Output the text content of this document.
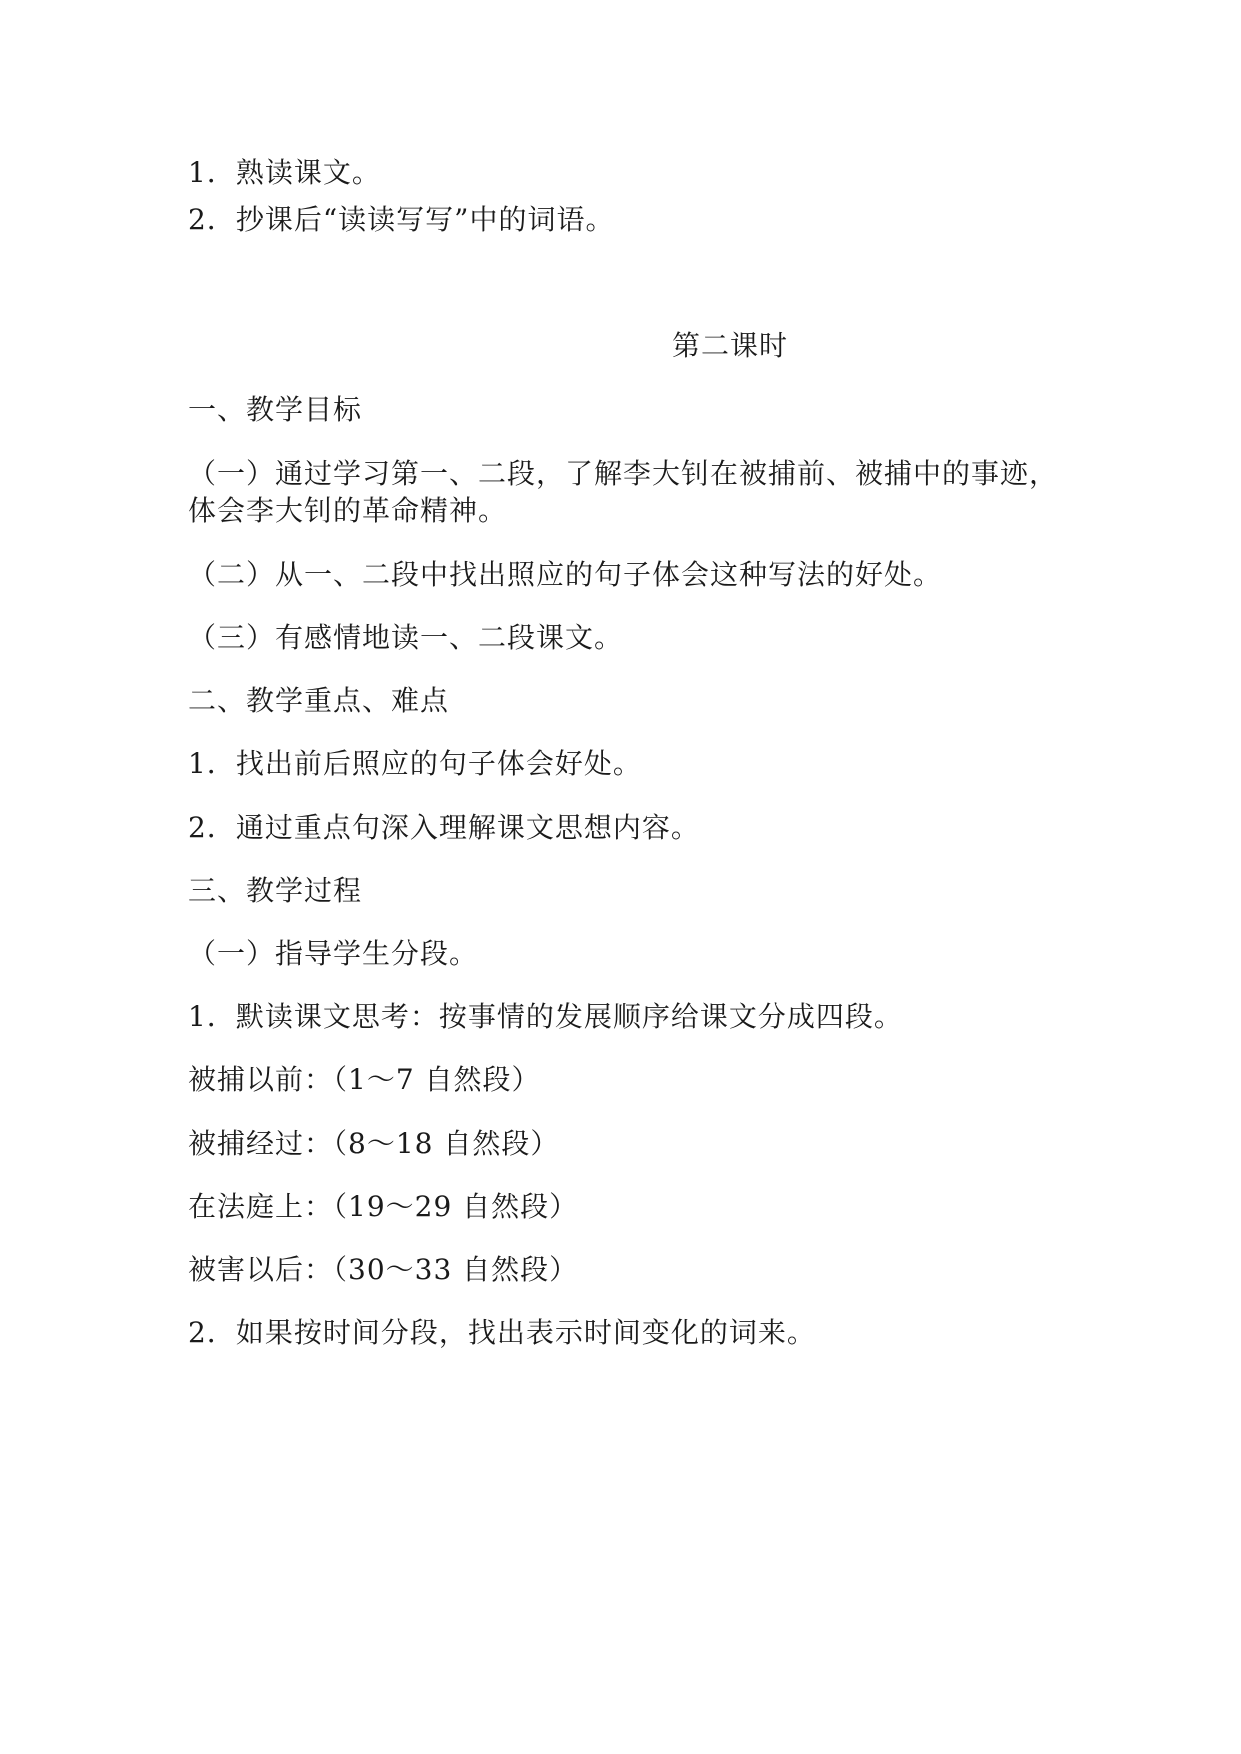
1．熟读课文。
2．抄课后“读读写写”中的词语。
第二课时
一、教学目标
（一）通过学习第一、二段，了解李大钊在被捕前、被捕中的事迹，
体会李大钊的革命精神。
（二）从一、二段中找出照应的句子体会这种写法的好处。
（三）有感情地读一、二段课文。
二、教学重点、难点
1．找出前后照应的句子体会好处。
2．通过重点句深入理解课文思想内容。
三、教学过程
（一）指导学生分段。
1．默读课文思考：按事情的发展顺序给课文分成四段。
被捕以前：（1～7 自然段）
被捕经过：（8～18 自然段）
在法庭上：（19～29 自然段）
被害以后：（30～33 自然段）
2．如果按时间分段，找出表示时间变化的词来。
